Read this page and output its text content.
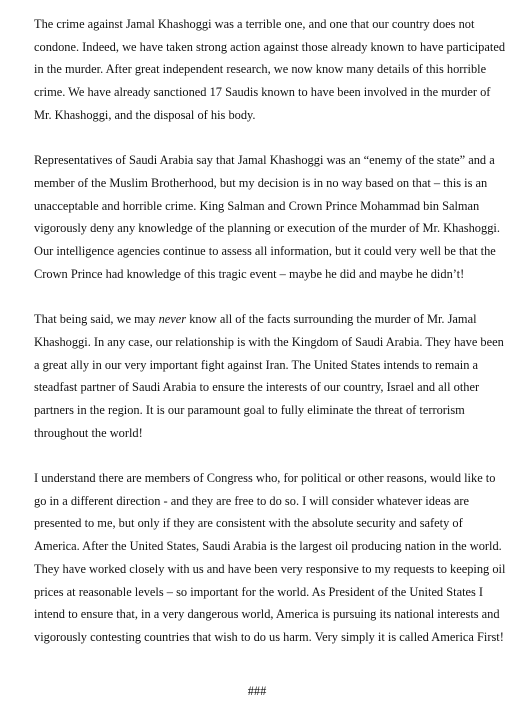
The crime against Jamal Khashoggi was a terrible one, and one that our country does not condone. Indeed, we have taken strong action against those already known to have participated in the murder. After great independent research, we now know many details of this horrible crime. We have already sanctioned 17 Saudis known to have been involved in the murder of Mr. Khashoggi, and the disposal of his body.

Representatives of Saudi Arabia say that Jamal Khashoggi was an “enemy of the state” and a member of the Muslim Brotherhood, but my decision is in no way based on that – this is an unacceptable and horrible crime. King Salman and Crown Prince Mohammad bin Salman vigorously deny any knowledge of the planning or execution of the murder of Mr. Khashoggi. Our intelligence agencies continue to assess all information, but it could very well be that the Crown Prince had knowledge of this tragic event – maybe he did and maybe he didn’t!

That being said, we may never know all of the facts surrounding the murder of Mr. Jamal Khashoggi. In any case, our relationship is with the Kingdom of Saudi Arabia. They have been a great ally in our very important fight against Iran. The United States intends to remain a steadfast partner of Saudi Arabia to ensure the interests of our country, Israel and all other partners in the region. It is our paramount goal to fully eliminate the threat of terrorism throughout the world!

I understand there are members of Congress who, for political or other reasons, would like to go in a different direction - and they are free to do so. I will consider whatever ideas are presented to me, but only if they are consistent with the absolute security and safety of America. After the United States, Saudi Arabia is the largest oil producing nation in the world. They have worked closely with us and have been very responsive to my requests to keeping oil prices at reasonable levels – so important for the world. As President of the United States I intend to ensure that, in a very dangerous world, America is pursuing its national interests and vigorously contesting countries that wish to do us harm. Very simply it is called America First!

###
